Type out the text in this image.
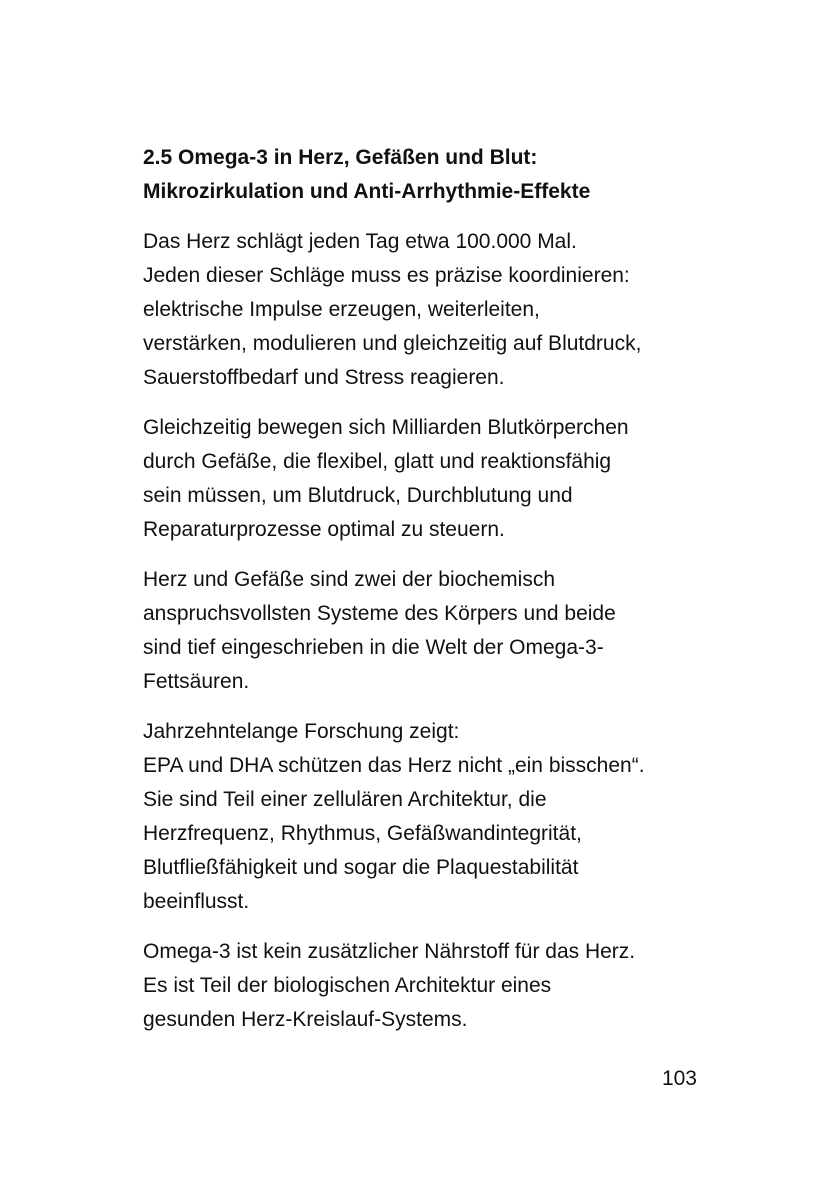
2.5 Omega-3 in Herz, Gefäßen und Blut:
Mikrozirkulation und Anti-Arrhythmie-Effekte

Das Herz schlägt jeden Tag etwa 100.000 Mal.
Jeden dieser Schläge muss es präzise koordinieren:
elektrische Impulse erzeugen, weiterleiten,
verstärken, modulieren und gleichzeitig auf Blutdruck,
Sauerstoffbedarf und Stress reagieren.

Gleichzeitig bewegen sich Milliarden Blutkörperchen
durch Gefäße, die flexibel, glatt und reaktionsfähig
sein müssen, um Blutdruck, Durchblutung und
Reparaturprozesse optimal zu steuern.

Herz und Gefäße sind zwei der biochemisch
anspruchsvollsten Systeme des Körpers und beide
sind tief eingeschrieben in die Welt der Omega-3-
Fettsäuren.

Jahrzehntelange Forschung zeigt:
EPA und DHA schützen das Herz nicht „ein bisschen“.
Sie sind Teil einer zellulären Architektur, die
Herzfrequenz, Rhythmus, Gefäßwandintegrität,
Blutfließfähigkeit und sogar die Plaquestabilität
beeinflusst.

Omega-3 ist kein zusätzlicher Nährstoff für das Herz.
Es ist Teil der biologischen Architektur eines
gesunden Herz-Kreislauf-Systems.

103
